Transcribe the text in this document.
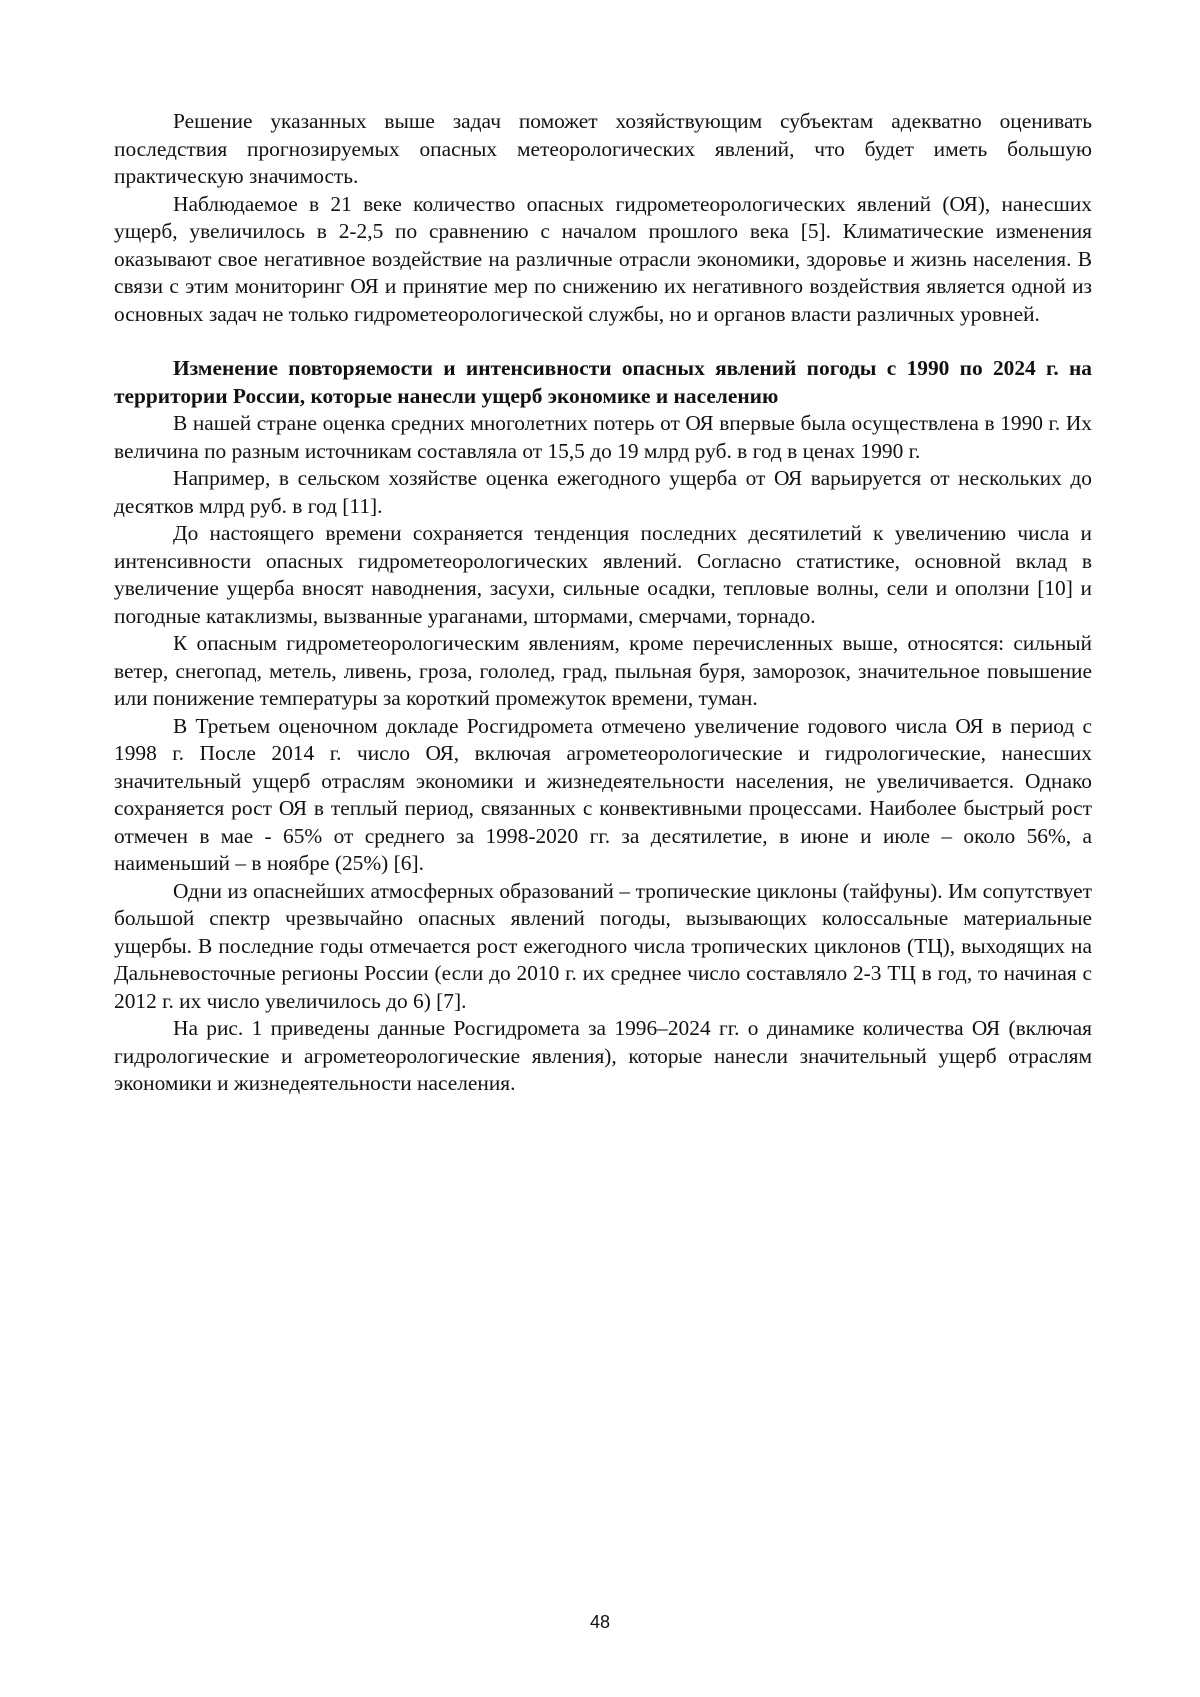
Решение указанных выше задач поможет хозяйствующим субъектам адекватно оценивать последствия прогнозируемых опасных метеорологических явлений, что будет иметь большую практическую значимость.

Наблюдаемое в 21 веке количество опасных гидрометеорологических явлений (ОЯ), нанесших ущерб, увеличилось в 2-2,5 по сравнению с началом прошлого века [5]. Климатические изменения оказывают свое негативное воздействие на различные отрасли экономики, здоровье и жизнь населения. В связи с этим мониторинг ОЯ и принятие мер по снижению их негативного воздействия является одной из основных задач не только гидрометеорологической службы, но и органов власти различных уровней.

Изменение повторяемости и интенсивности опасных явлений погоды с 1990 по 2024 г. на территории России, которые нанесли ущерб экономике и населению

В нашей стране оценка средних многолетних потерь от ОЯ впервые была осуществлена в 1990 г. Их величина по разным источникам составляла от 15,5 до 19 млрд руб. в год в ценах 1990 г.

Например, в сельском хозяйстве оценка ежегодного ущерба от ОЯ варьируется от нескольких до десятков млрд руб. в год [11].

До настоящего времени сохраняется тенденция последних десятилетий к увеличению числа и интенсивности опасных гидрометеорологических явлений. Согласно статистике, основной вклад в увеличение ущерба вносят наводнения, засухи, сильные осадки, тепловые волны, сели и оползни [10] и погодные катаклизмы, вызванные ураганами, штормами, смерчами, торнадо.

К опасным гидрометеорологическим явлениям, кроме перечисленных выше, относятся: сильный ветер, снегопад, метель, ливень, гроза, гололед, град, пыльная буря, заморозок, значительное повышение или понижение температуры за короткий промежуток времени, туман.

В Третьем оценочном докладе Росгидромета отмечено увеличение годового числа ОЯ в период с 1998 г. После 2014 г. число ОЯ, включая агрометеорологические и гидрологические, нанесших значительный ущерб отраслям экономики и жизнедеятельности населения, не увеличивается. Однако сохраняется рост ОЯ в теплый период, связанных с конвективными процессами. Наиболее быстрый рост отмечен в мае - 65% от среднего за 1998-2020 гг. за десятилетие, в июне и июле – около 56%, а наименьший – в ноябре (25%) [6].

Одни из опаснейших атмосферных образований – тропические циклоны (тайфуны). Им сопутствует большой спектр чрезвычайно опасных явлений погоды, вызывающих колоссальные материальные ущербы. В последние годы отмечается рост ежегодного числа тропических циклонов (ТЦ), выходящих на Дальневосточные регионы России (если до 2010 г. их среднее число составляло 2-3 ТЦ в год, то начиная с 2012 г. их число увеличилось до 6) [7].

На рис. 1 приведены данные Росгидромета за 1996–2024 гг. о динамике количества ОЯ (включая гидрологические и агрометеорологические явления), которые нанесли значительный ущерб отраслям экономики и жизнедеятельности населения.

48
